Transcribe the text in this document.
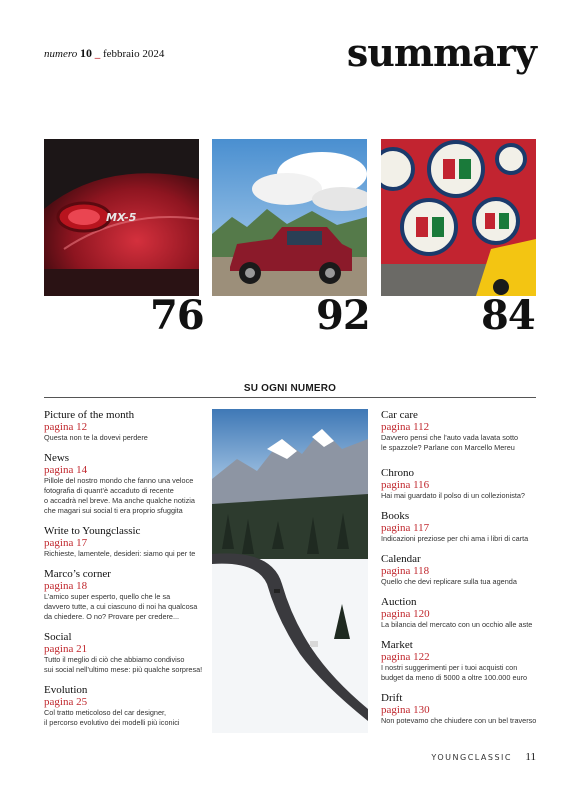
numero 10 _ febbraio 2024	summary
MX-5
76	92	84
SU OGNI NUMERO
Picture of the month
pagina 12
Questa non te la dovevi perdere
News
pagina 14
Pillole del nostro mondo che fanno una veloce
fotografia di quant’è accaduto di recente
o accadrà nel breve. Ma anche qualche notizia
che magari sui social ti era proprio sfuggita
Write to Youngclassic
pagina 17
Richieste, lamentele, desideri: siamo qui per te
Marco’s corner
pagina 18
L’amico super esperto, quello che le sa
davvero tutte, a cui ciascuno di noi ha qualcosa
da chiedere. O no? Provare per credere...
Social
pagina 21
Tutto il meglio di ciò che abbiamo condiviso
sui social nell’ultimo mese: più qualche sorpresa!
Evolution
pagina 25
Col tratto meticoloso del car designer,
il percorso evolutivo dei modelli più iconici
Car care
pagina 112
Davvero pensi che l’auto vada lavata sotto
le spazzole? Parlane con Marcello Mereu
Chrono
pagina 116
Hai mai guardato il polso di un collezionista?
Books
pagina 117
Indicazioni preziose per chi ama i libri di carta
Calendar
pagina 118
Quello che devi replicare sulla tua agenda
Auction
pagina 120
La bilancia del mercato con un occhio alle aste
Market
pagina 122
I nostri suggerimenti per i tuoi acquisti con
budget da meno di 5000 a oltre 100.000 euro
Drift
pagina 130
Non potevamo che chiudere con un bel traverso
YOUNGCLASSIC 11
